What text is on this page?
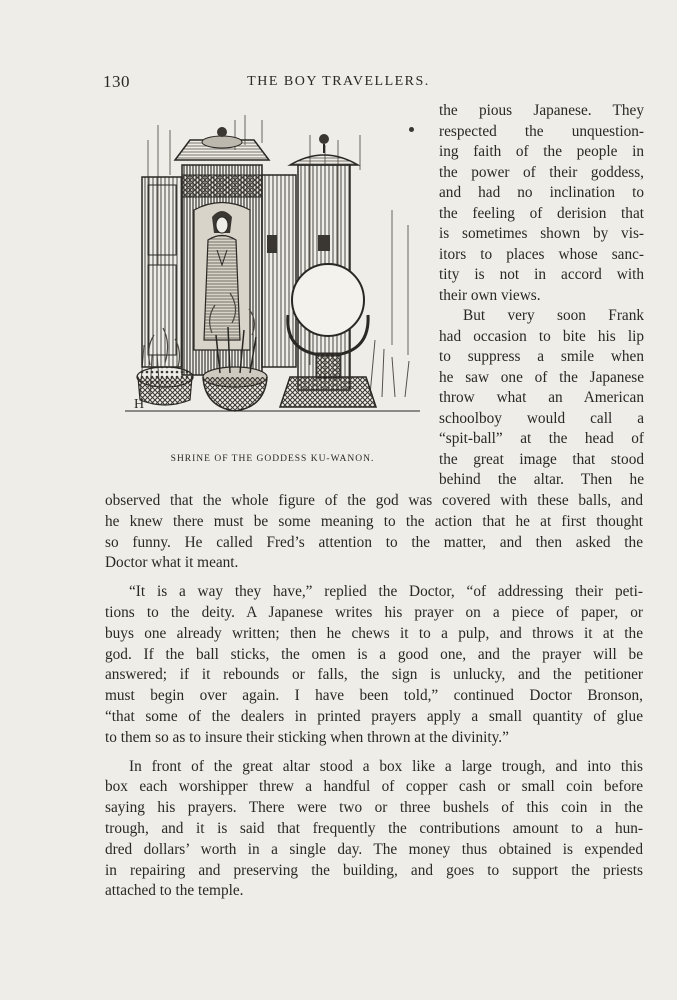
130	THE BOY TRAVELLERS.
H
SHRINE OF THE GODDESS KU-WANON.
the pious Japanese. They
respected the unquestion-
ing faith of the people in
the power of their goddess,
and had no inclination to
the feeling of derision that
is sometimes shown by vis-
itors to places whose sanc-
tity is not in accord with
their own views.
But very soon Frank
had occasion to bite his lip
to suppress a smile when
he saw one of the Japanese
throw what an American
schoolboy would call a
“spit-ball” at the head of
the great image that stood
behind the altar. Then he
observed that the whole figure of the god was covered with these balls, and
he knew there must be some meaning to the action that he at first thought
so funny. He called Fred’s attention to the matter, and then asked the
Doctor what it meant.
“It is a way they have,” replied the Doctor, “of addressing their peti-
tions to the deity. A Japanese writes his prayer on a piece of paper, or
buys one already written; then he chews it to a pulp, and throws it at the
god. If the ball sticks, the omen is a good one, and the prayer will be
answered; if it rebounds or falls, the sign is unlucky, and the petitioner
must begin over again. I have been told,” continued Doctor Bronson,
“that some of the dealers in printed prayers apply a small quantity of glue
to them so as to insure their sticking when thrown at the divinity.”
In front of the great altar stood a box like a large trough, and into this
box each worshipper threw a handful of copper cash or small coin before
saying his prayers. There were two or three bushels of this coin in the
trough, and it is said that frequently the contributions amount to a hun-
dred dollars’ worth in a single day. The money thus obtained is expended
in repairing and preserving the building, and goes to support the priests
attached to the temple.
